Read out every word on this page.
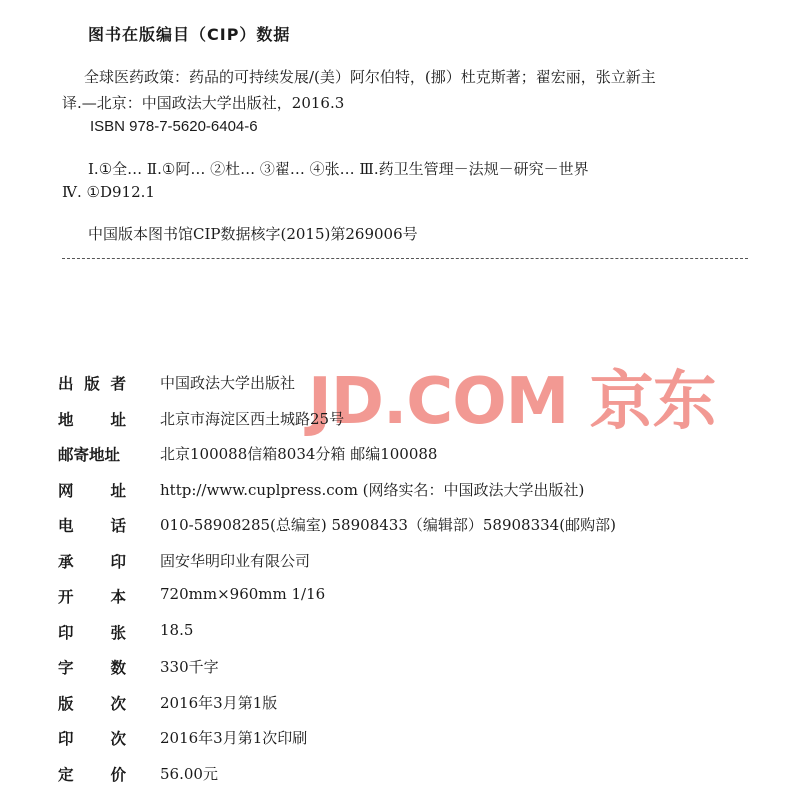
图书在版编目（CIP）数据
全球医药政策：药品的可持续发展/(美）阿尔伯特，(挪）杜克斯著；翟宏丽，张立新主
译.—北京：中国政法大学出版社，2016.3
ISBN 978-7-5620-6404-6
Ⅰ.①全… Ⅱ.①阿… ②杜… ③翟… ④张… Ⅲ.药卫生管理－法规－研究－世界
Ⅳ. ①D912.1
中国版本图书馆CIP数据核字(2015)第269006号
JD.COM 京东
出 版 者 中国政法大学出版社
地 址 北京市海淀区西土城路25号
邮寄地址	北京100088信箱8034分箱 邮编100088
网 址 http://www.cuplpress.com (网络实名：中国政法大学出版社)
电 话 010-58908285(总编室) 58908433（编辑部）58908334(邮购部)
承 印 固安华明印业有限公司
开 本 720mm×960mm 1/16
印 张 18.5
字 数 330千字
版 次 2016年3月第1版
印 次 2016年3月第1次印刷
定 价 56.00元
